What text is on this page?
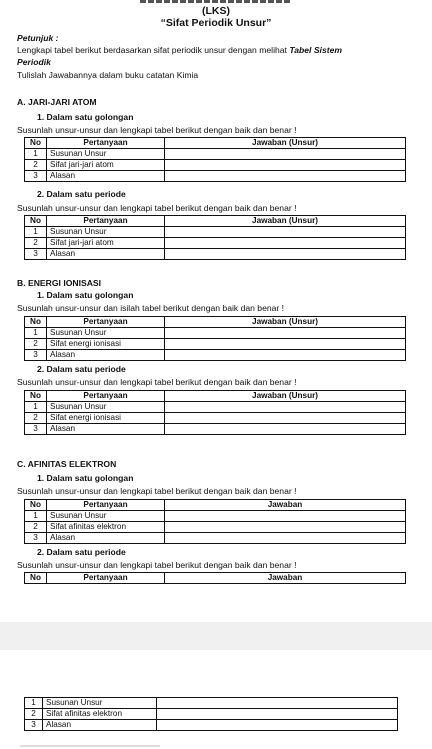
(LKS)
“Sifat Periodik Unsur”
Petunjuk :
Lengkapi tabel berikut berdasarkan sifat periodik unsur dengan melihat Tabel Sistem
Periodik
Tulislah Jawabannya dalam buku catatan Kimia
A. JARI-JARI ATOM
1. Dalam satu golongan
Susunlah unsur-unsur dan lengkapi tabel berikut dengan baik dan benar !
No	Pertanyaan	Jawaban (Unsur)
1	Susunan Unsur	
2	Sifat jari-jari atom	
3	Alasan	
2. Dalam satu periode
Susunlah unsur-unsur dan lengkapi tabel berikut dengan baik dan benar !
No	Pertanyaan	Jawaban (Unsur)
1	Susunan Unsur	
2	Sifat jari-jari atom	
3	Alasan	
B. ENERGI IONISASI
1. Dalam satu golongan
Susunlah unsur-unsur dan isilah tabel berikut dengan baik dan benar !
No	Pertanyaan	Jawaban (Unsur)
1	Susunan Unsur	
2	Sifat energi ionisasi	
3	Alasan	
2. Dalam satu periode
Susunlah unsur-unsur dan lengkapi tabel berikut dengan baik dan benar !
No	Pertanyaan	Jawaban (Unsur)
1	Susunan Unsur	
2	Sifat energi ionisasi	
3	Alasan	
C. AFINITAS ELEKTRON
1. Dalam satu golongan
Susunlah unsur-unsur dan lengkapi tabel berikut dengan baik dan benar !
No	Pertanyaan	Jawaban
1	Susunan Unsur	
2	Sifat afinitas elektron	
3	Alasan	
2. Dalam satu periode
Susunlah unsur-unsur dan lengkapi tabel berikut dengan baik dan benar !
No	Pertanyaan	Jawaban
1	Susunan Unsur	
2	Sifat afinitas elektron	
3	Alasan	
